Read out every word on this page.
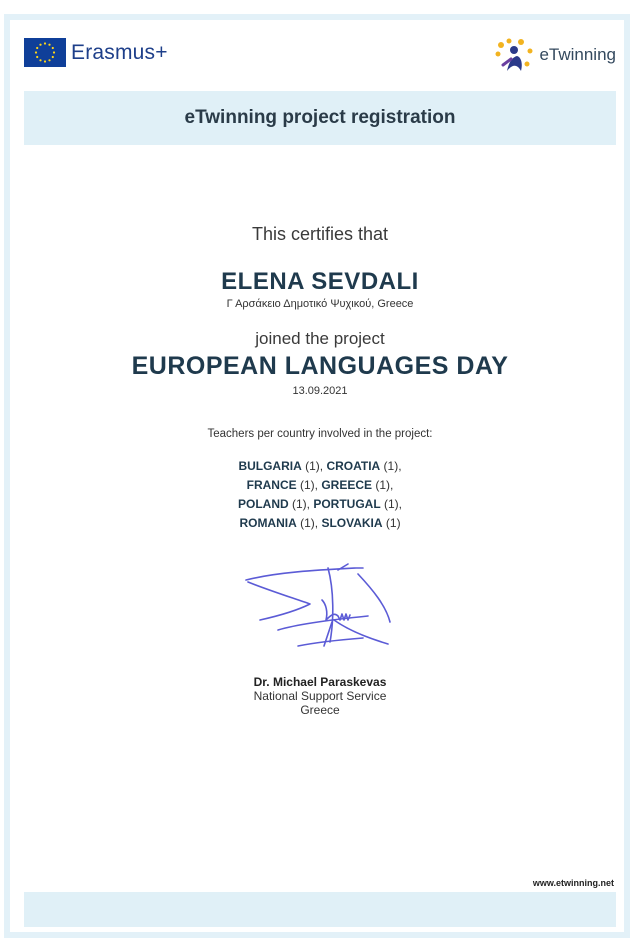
Erasmus+	eTwinning
eTwinning project registration
This certifies that
ELENA SEVDALI
Γ Αρσάκειο Δημοτικό Ψυχικού, Greece
joined the project
EUROPEAN LANGUAGES DAY
13.09.2021
Teachers per country involved in the project:
BULGARIA (1), CROATIA (1),
FRANCE (1), GREECE (1),
POLAND (1), PORTUGAL (1),
ROMANIA (1), SLOVAKIA (1)
Dr. Michael Paraskevas
National Support Service
Greece
www.etwinning.net
